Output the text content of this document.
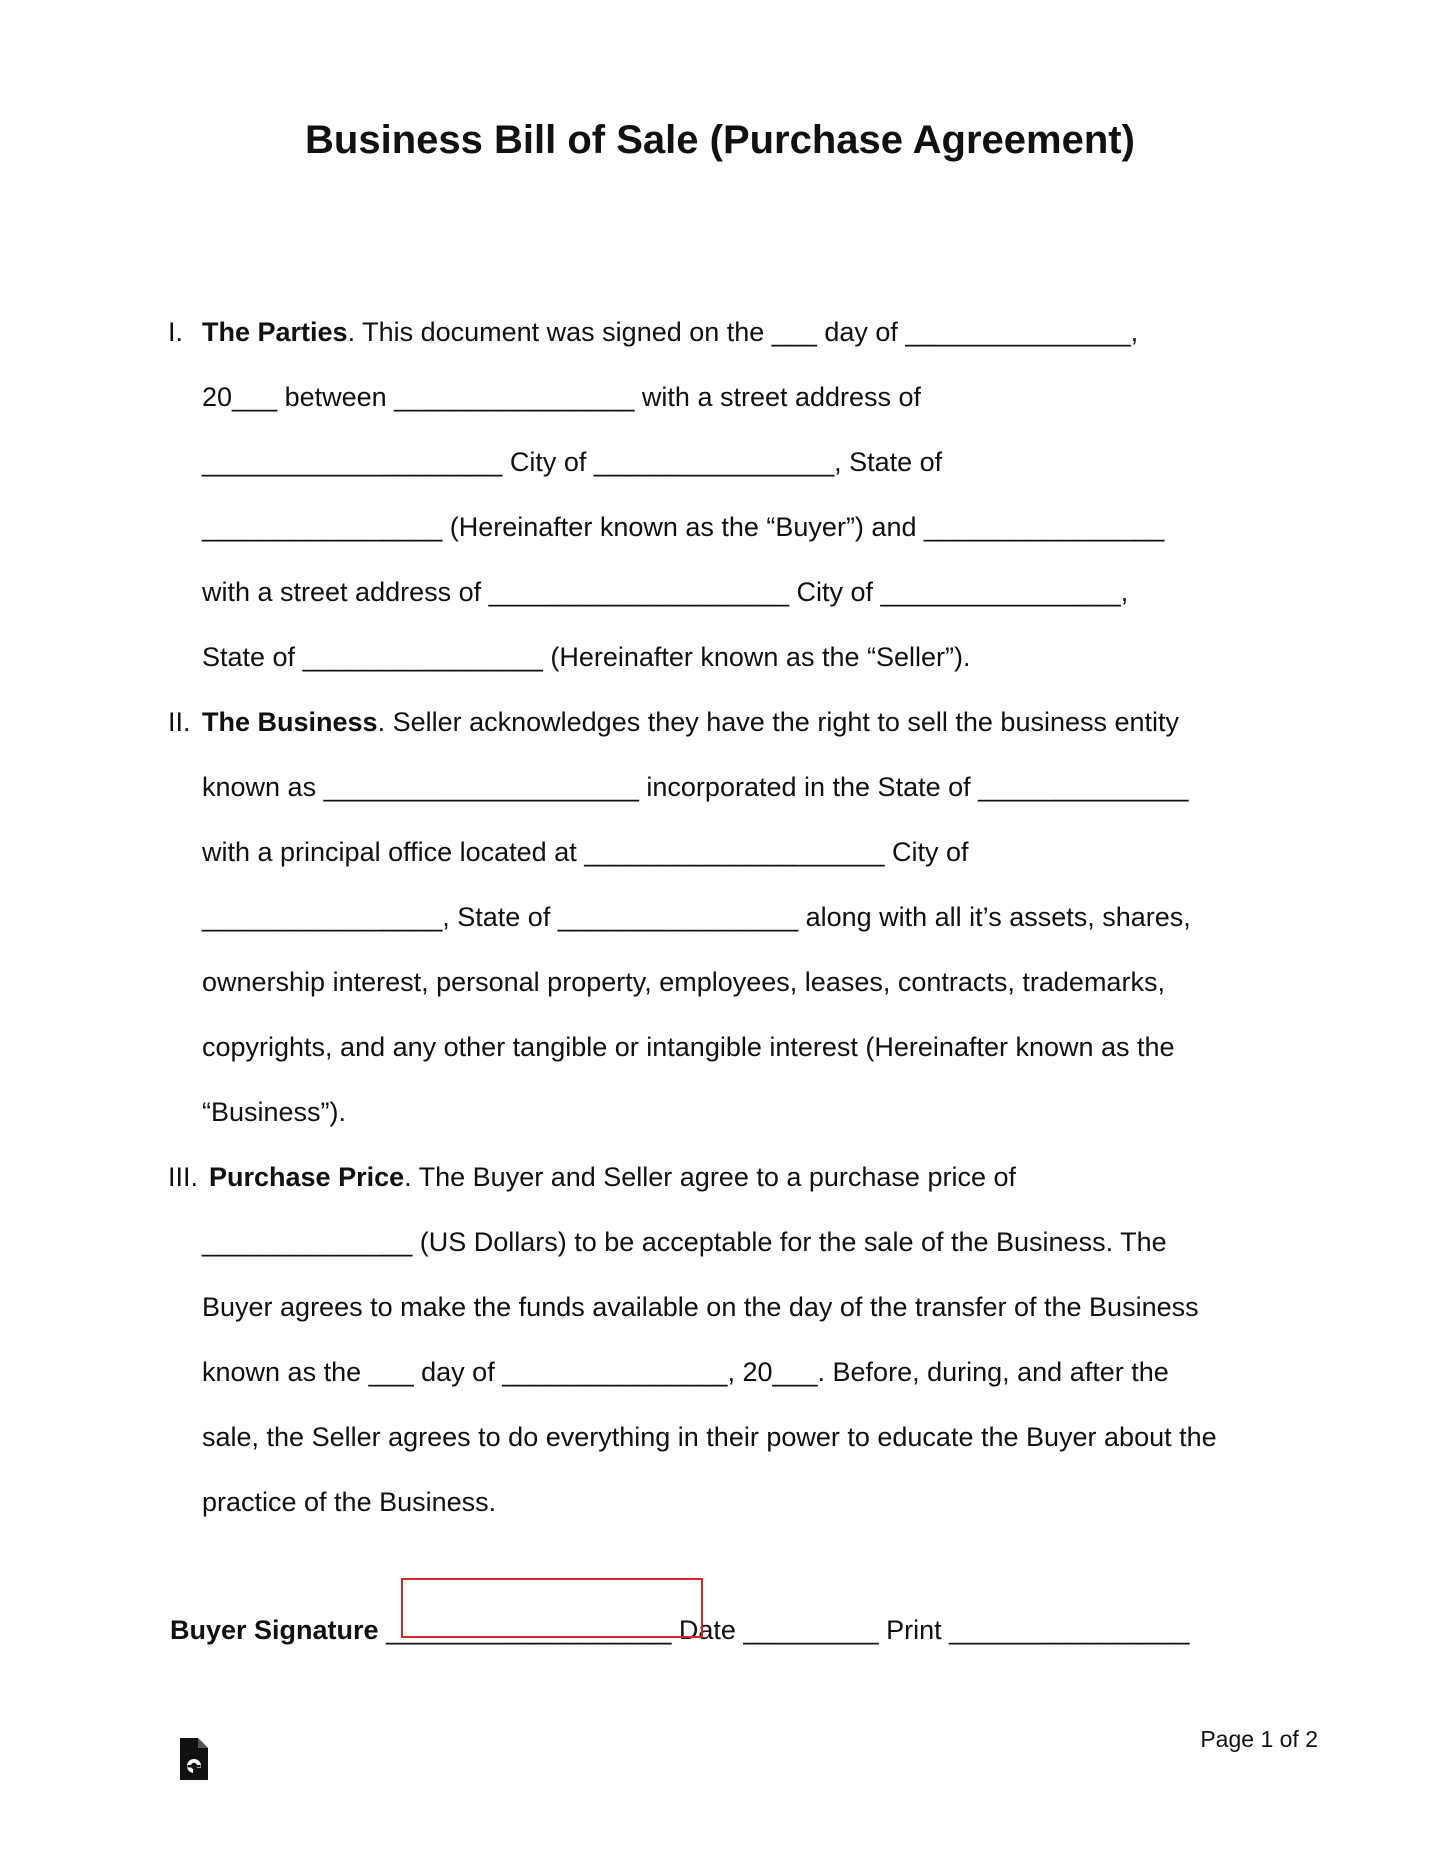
Business Bill of Sale (Purchase Agreement)
I. The Parties. This document was signed on the ___ day of _______________,
20___ between ________________ with a street address of
____________________ City of ________________, State of
________________ (Hereinafter known as the “Buyer”) and ________________
with a street address of ____________________ City of ________________,
State of ________________ (Hereinafter known as the “Seller”).
II. The Business. Seller acknowledges they have the right to sell the business entity
known as _____________________ incorporated in the State of ______________
with a principal office located at ____________________ City of
________________, State of ________________ along with all it’s assets, shares,
ownership interest, personal property, employees, leases, contracts, trademarks,
copyrights, and any other tangible or intangible interest (Hereinafter known as the
“Business”).
III. Purchase Price. The Buyer and Seller agree to a purchase price of
______________ (US Dollars) to be acceptable for the sale of the Business. The
Buyer agrees to make the funds available on the day of the transfer of the Business
known as the ___ day of _______________, 20___. Before, during, and after the
sale, the Seller agrees to do everything in their power to educate the Buyer about the
practice of the Business.
Buyer Signature ___________________ Date _________ Print ________________
Page 1 of 2
